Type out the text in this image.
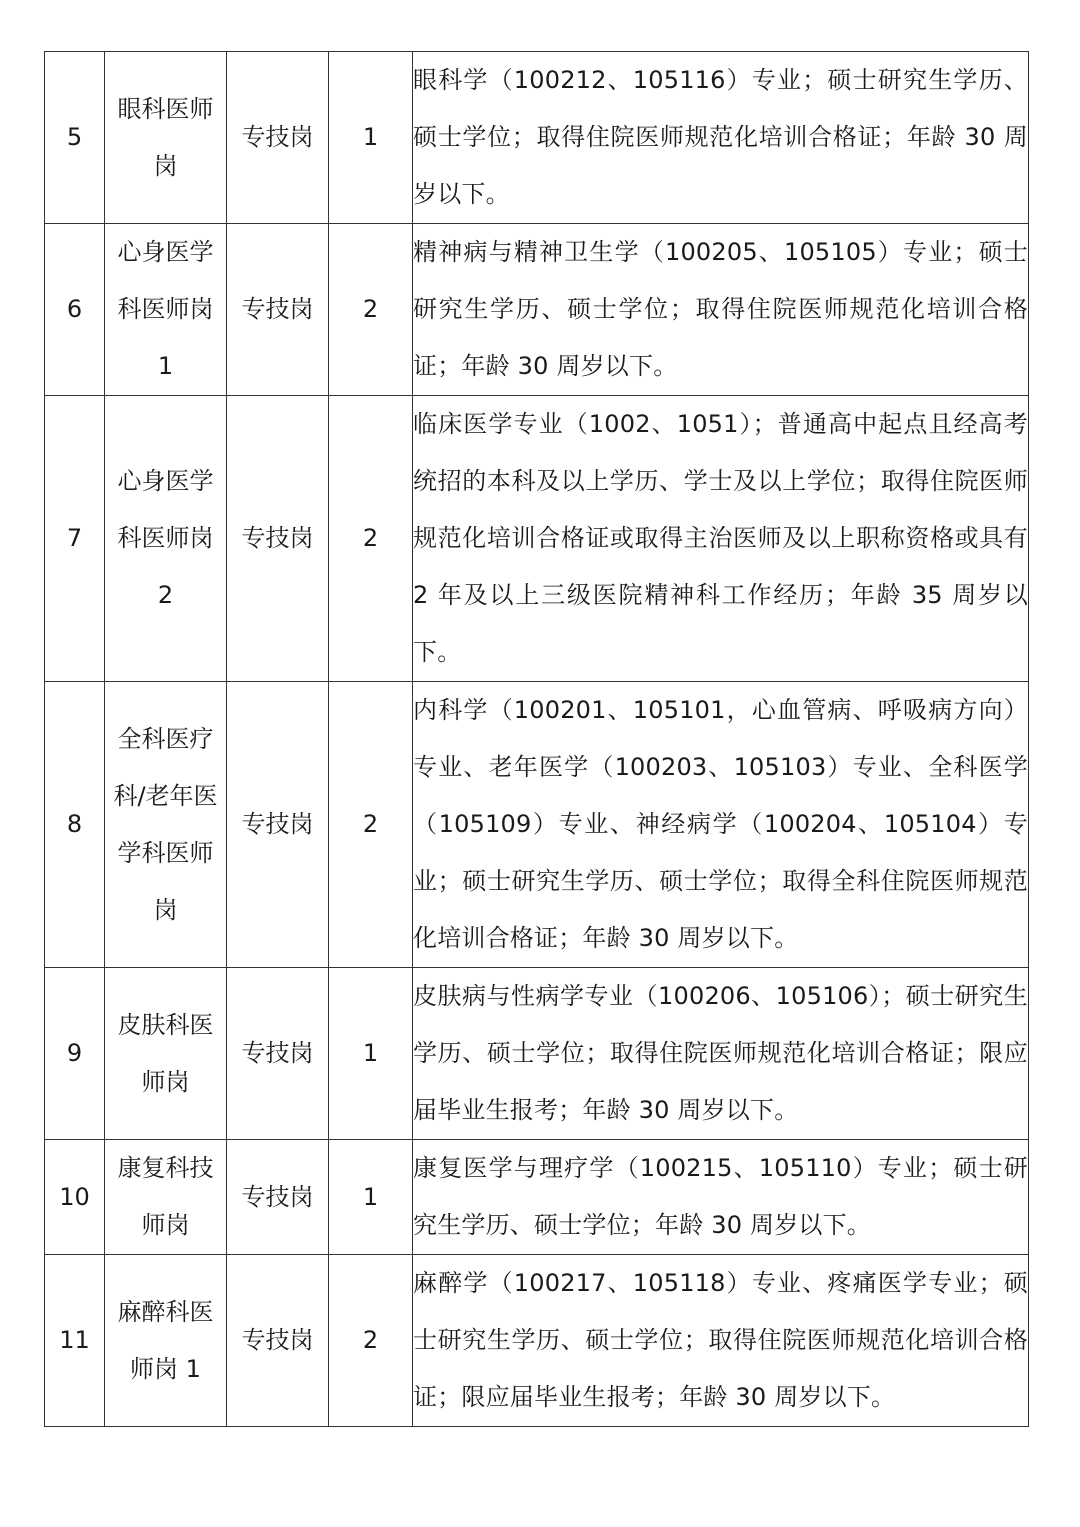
5	眼科医师岗	专技岗	1	眼科学（100212、105116）专业；硕士研究生学历、硕士学位；取得住院医师规范化培训合格证；年龄 30 周岁以下。
6	心身医学科医师岗 1	专技岗	2	精神病与精神卫生学（100205、105105）专业；硕士研究生学历、硕士学位；取得住院医师规范化培训合格证；年龄 30 周岁以下。
7	心身医学科医师岗 2	专技岗	2	临床医学专业（1002、1051）；普通高中起点且经高考统招的本科及以上学历、学士及以上学位；取得住院医师规范化培训合格证或取得主治医师及以上职称资格或具有 2 年及以上三级医院精神科工作经历；年龄 35 周岁以下。
8	全科医疗科/老年医学科医师岗	专技岗	2	内科学（100201、105101，心血管病、呼吸病方向）专业、老年医学（100203、105103）专业、全科医学（105109）专业、神经病学（100204、105104）专业；硕士研究生学历、硕士学位；取得全科住院医师规范化培训合格证；年龄 30 周岁以下。
9	皮肤科医师岗	专技岗	1	皮肤病与性病学专业（100206、105106）；硕士研究生学历、硕士学位；取得住院医师规范化培训合格证；限应届毕业生报考；年龄 30 周岁以下。
10	康复科技师岗	专技岗	1	康复医学与理疗学（100215、105110）专业；硕士研究生学历、硕士学位；年龄 30 周岁以下。
11	麻醉科医师岗 1	专技岗	2	麻醉学（100217、105118）专业、疼痛医学专业；硕士研究生学历、硕士学位；取得住院医师规范化培训合格证；限应届毕业生报考；年龄 30 周岁以下。
